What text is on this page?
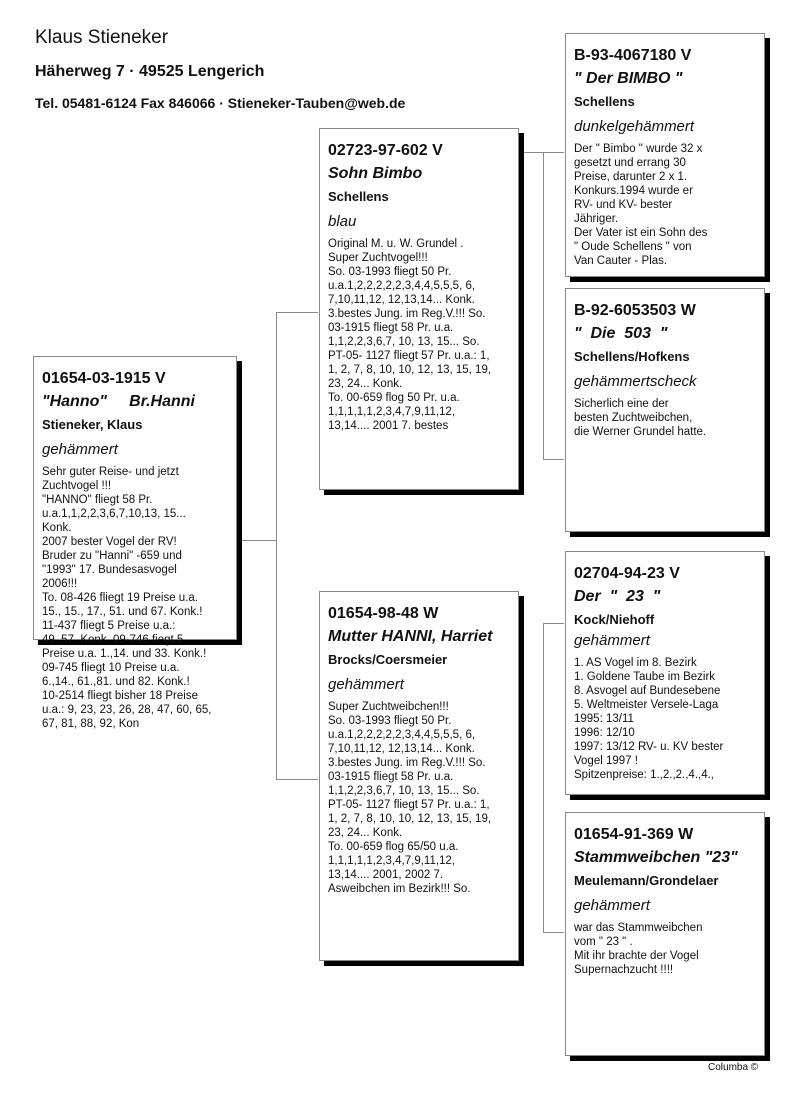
Klaus Stieneker
Häherweg 7 · 49525 Lengerich
Tel. 05481-6124 Fax 846066 · Stieneker-Tauben@web.de
01654-03-1915 V
"Hanno"     Br.Hanni
Stieneker, Klaus
gehämmert
Sehr guter Reise- und jetzt
Zuchtvogel !!!
"HANNO" fliegt 58 Pr.
u.a.1,1,2,2,3,6,7,10,13, 15...
Konk.
2007 bester Vogel der RV!
Bruder zu "Hanni" -659 und
"1993" 17. Bundesasvogel
2006!!!
To. 08-426 fliegt 19 Preise u.a.
15., 15., 17., 51. und 67. Konk.!
11-437 fliegt 5 Preise u.a.:
49.,57. Konk. 09-746 fiegt 5
Preise u.a. 1.,14. und 33. Konk.!
09-745 fliegt 10 Preise u.a.
6.,14., 61.,81. und 82. Konk.!
10-2514 fliegt bisher 18 Preise
u.a.: 9, 23, 23, 26, 28, 47, 60, 65,
67, 81, 88, 92, Kon
02723-97-602 V
Sohn Bimbo
Schellens
blau
Original M. u. W. Grundel .
Super Zuchtvogel!!!
So. 03-1993 fliegt 50 Pr.
u.a.1,2,2,2,2,2,3,4,4,5,5,5, 6,
7,10,11,12, 12,13,14... Konk.
3.bestes Jung. im Reg.V.!!! So.
03-1915 fliegt 58 Pr. u.a.
1,1,2,2,3,6,7, 10, 13, 15... So.
PT-05- 1127 fliegt 57 Pr. u.a.: 1,
1, 2, 7, 8, 10, 10, 12, 13, 15, 19,
23, 24... Konk.
To. 00-659 flog 50 Pr. u.a.
1,1,1,1,1,2,3,4,7,9,11,12,
13,14.... 2001 7. bestes
01654-98-48 W
Mutter HANNI, Harriet
Brocks/Coersmeier
gehämmert
Super Zuchtweibchen!!!
So. 03-1993 fliegt 50 Pr.
u.a.1,2,2,2,2,2,3,4,4,5,5,5, 6,
7,10,11,12, 12,13,14... Konk.
3.bestes Jung. im Reg.V.!!! So.
03-1915 fliegt 58 Pr. u.a.
1,1,2,2,3,6,7, 10, 13, 15... So.
PT-05- 1127 fliegt 57 Pr. u.a.: 1,
1, 2, 7, 8, 10, 10, 12, 13, 15, 19,
23, 24... Konk.
To. 00-659 flog 65/50 u.a.
1,1,1,1,1,2,3,4,7,9,11,12,
13,14.... 2001, 2002 7.
Asweibchen im Bezirk!!! So.
B-93-4067180 V
" Der BIMBO "
Schellens
dunkelgehämmert
Der " Bimbo " wurde 32 x
gesetzt und errang 30
Preise, darunter 2 x 1.
Konkurs.1994 wurde er
RV- und KV- bester
Jähriger.
Der Vater ist ein Sohn des
" Oude Schellens " von
Van Cauter - Plas.
B-92-6053503 W
"  Die  503  "
Schellens/Hofkens
gehämmertscheck
Sicherlich eine der
besten Zuchtweibchen,
die Werner Grundel hatte.
02704-94-23 V
Der  "  23  "
Kock/Niehoff
gehämmert
1. AS Vogel im 8. Bezirk
1. Goldene Taube im Bezirk
8. Asvogel auf Bundesebene
5. Weltmeister Versele-Laga
1995: 13/11
1996: 12/10
1997: 13/12 RV- u. KV bester
Vogel 1997 !
Spitzenpreise: 1.,2.,2.,4.,4.,
01654-91-369 W
Stammweibchen "23"
Meulemann/Grondelaer
gehämmert
war das Stammweibchen
vom " 23 " .
Mit ihr brachte der Vogel
Supernachzucht !!!!
Columba ©
